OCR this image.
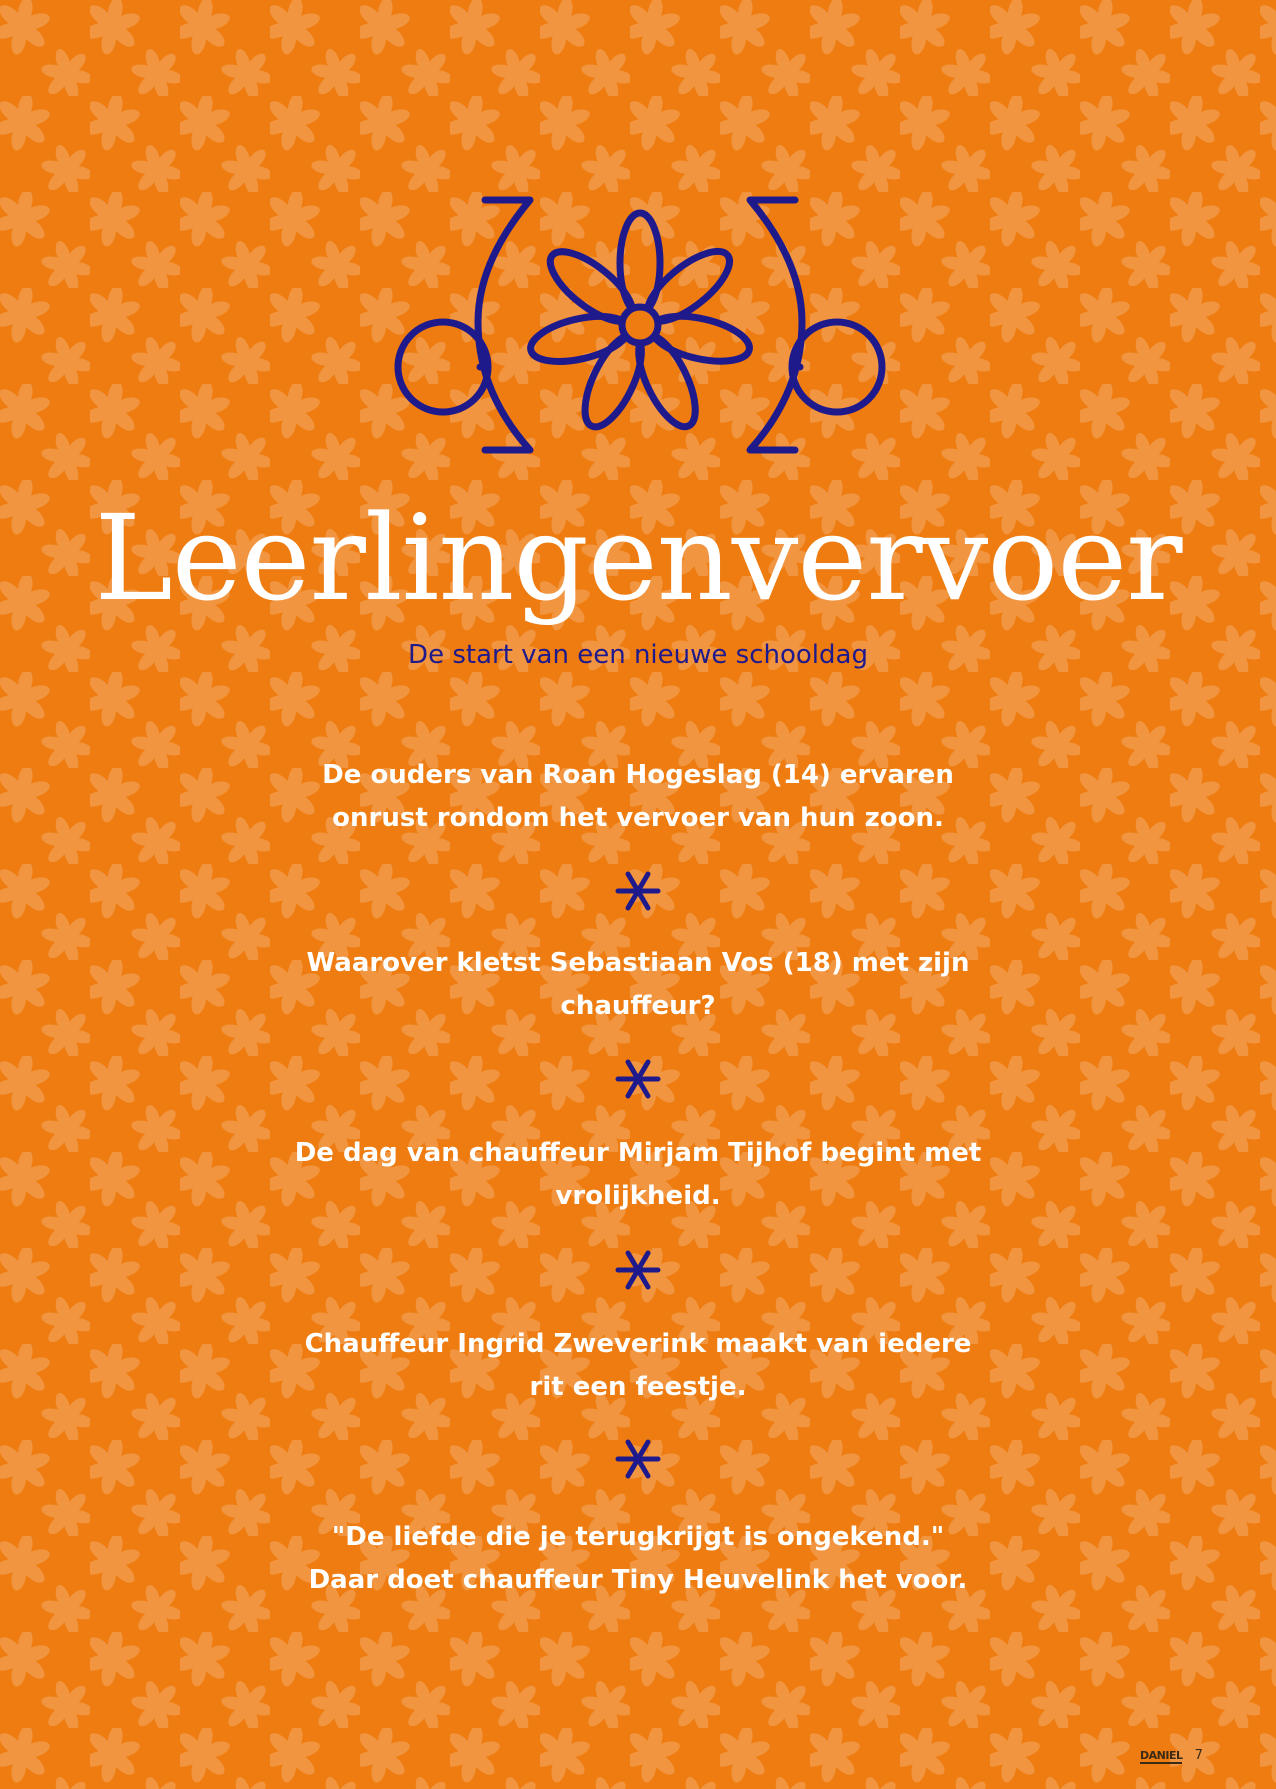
Leerlingenvervoer

De start van een nieuwe schooldag

De ouders van Roan Hogeslag (14) ervaren
onrust rondom het vervoer van hun zoon.
Waarover kletst Sebastiaan Vos (18) met zijn
chauffeur?
De dag van chauffeur Mirjam Tijhof begint met
vrolijkheid.
Chauffeur Ingrid Zweverink maakt van iedere
rit een feestje.
"De liefde die je terugkrijgt is ongekend."
Daar doet chauffeur Tiny Heuvelink het voor.
DANIEL 7
